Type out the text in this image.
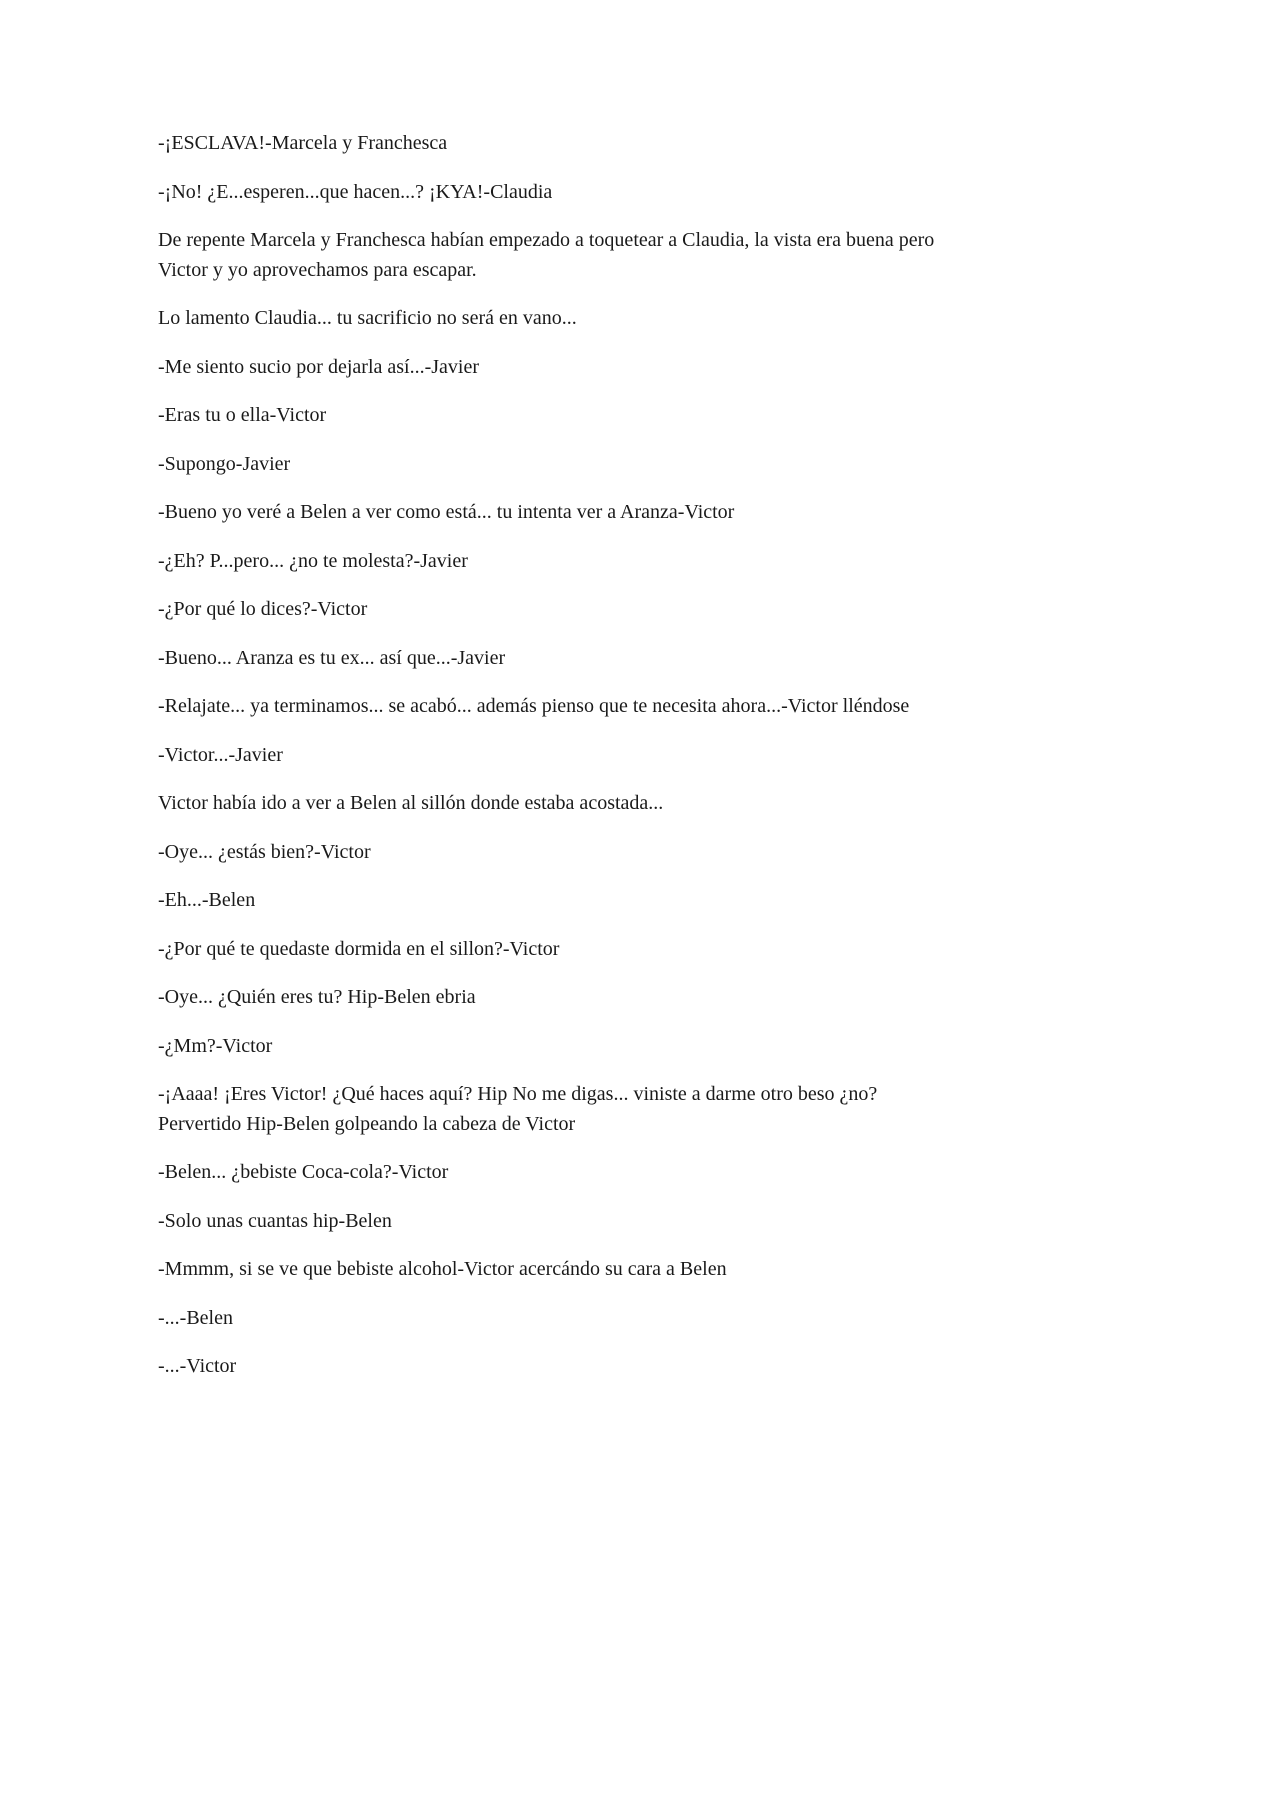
-¡ESCLAVA!-Marcela y Franchesca

-¡No! ¿E...esperen...que hacen...? ¡KYA!-Claudia

De repente Marcela y Franchesca habían empezado a toquetear a Claudia, la vista era buena pero Victor y yo aprovechamos para escapar.

Lo lamento Claudia... tu sacrificio no será en vano...

-Me siento sucio por dejarla así...-Javier

-Eras tu o ella-Victor

-Supongo-Javier

-Bueno yo veré a Belen a ver como está... tu intenta ver a Aranza-Victor

-¿Eh? P...pero... ¿no te molesta?-Javier

-¿Por qué lo dices?-Victor

-Bueno... Aranza es tu ex... así que...-Javier

-Relajate... ya terminamos... se acabó... además pienso que te necesita ahora...-Victor lléndose

-Victor...-Javier

Victor había ido a ver a Belen al sillón donde estaba acostada...

-Oye... ¿estás bien?-Victor

-Eh...-Belen

-¿Por qué te quedaste dormida en el sillon?-Victor

-Oye... ¿Quién eres tu? Hip-Belen ebria

-¿Mm?-Victor

-¡Aaaa! ¡Eres Victor! ¿Qué haces aquí? Hip No me digas... viniste a darme otro beso ¿no? Pervertido Hip-Belen golpeando la cabeza de Victor

-Belen... ¿bebiste Coca-cola?-Victor

-Solo unas cuantas hip-Belen

-Mmmm, si se ve que bebiste alcohol-Victor acercándo su cara a Belen

-...-Belen

-...-Victor
